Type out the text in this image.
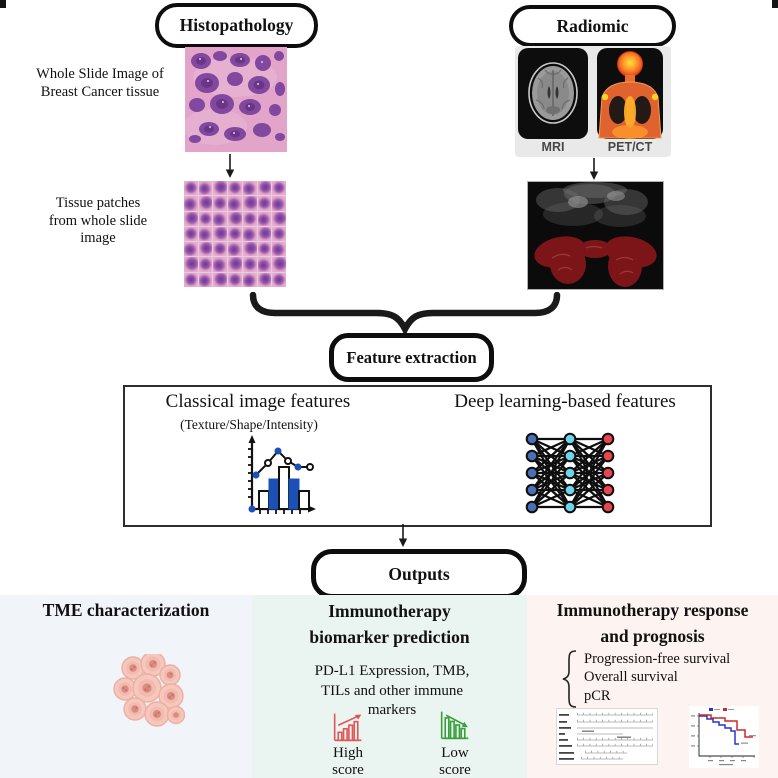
Histopathology	Radiomic
Whole Slide Image of
Breast Cancer tissue
Tissue patches
from whole slide
image
MRI	PET/CT
Feature extraction
Classical image features
(Texture/Shape/Intensity)
Deep learning-based features
Outputs
TME characterization	Immunotherapy
biomarker prediction
PD-L1 Expression, TMB,
TILs and other immune
markers
High score
Low score
Immunotherapy response
and prognosis
Progression-free survival
Overall survival
pCR
